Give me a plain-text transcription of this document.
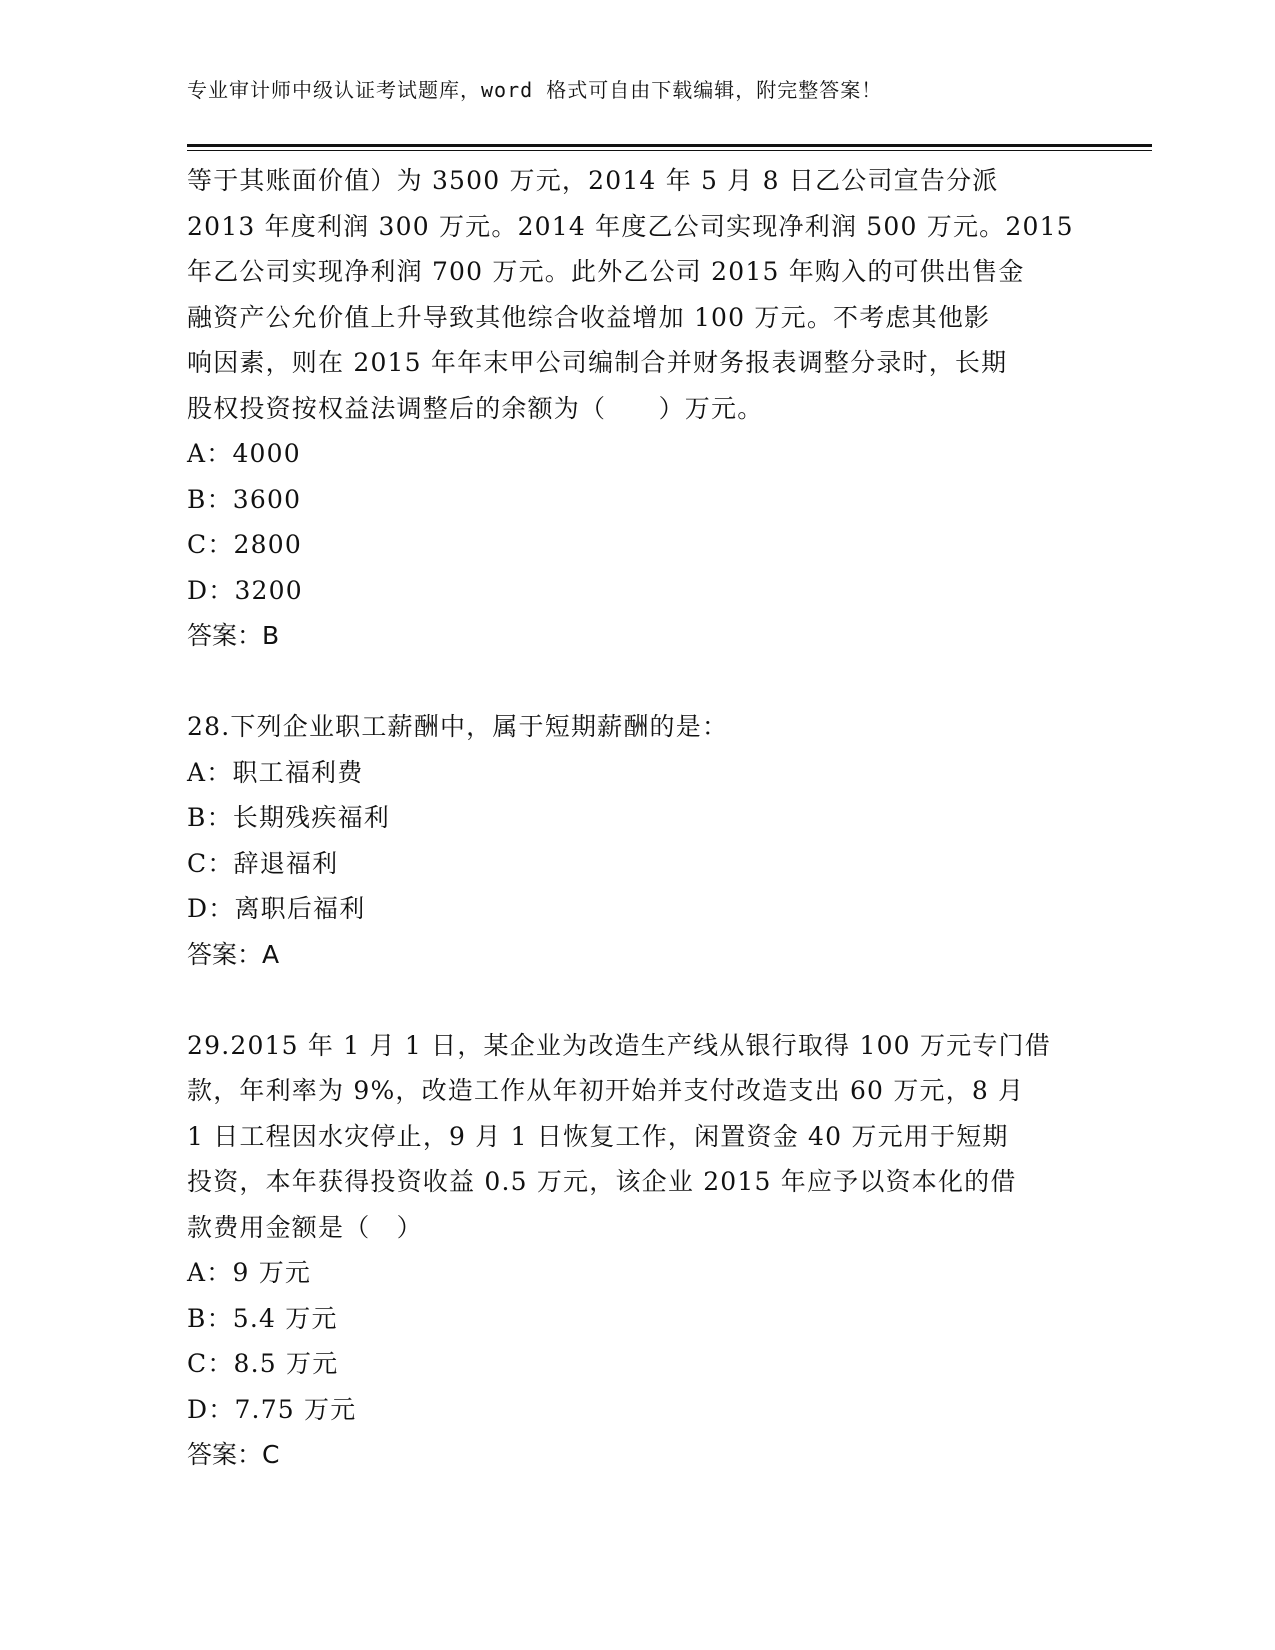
专业审计师中级认证考试题库，word 格式可自由下载编辑，附完整答案！
等于其账面价值）为 3500 万元，2014 年 5 月 8 日乙公司宣告分派
2013 年度利润 300 万元。2014 年度乙公司实现净利润 500 万元。2015
年乙公司实现净利润 700 万元。此外乙公司 2015 年购入的可供出售金
融资产公允价值上升导致其他综合收益增加 100 万元。不考虑其他影
响因素，则在 2015 年年末甲公司编制合并财务报表调整分录时，长期
股权投资按权益法调整后的余额为（　　）万元。
A：4000
B：3600
C：2800
D：3200
答案：B
28.下列企业职工薪酬中，属于短期薪酬的是：
A：职工福利费
B：长期残疾福利
C：辞退福利
D：离职后福利
答案：A
29.2015 年 1 月 1 日，某企业为改造生产线从银行取得 100 万元专门借
款，年利率为 9%，改造工作从年初开始并支付改造支出 60 万元，8 月
1 日工程因水灾停止，9 月 1 日恢复工作，闲置资金 40 万元用于短期
投资，本年获得投资收益 0.5 万元，该企业 2015 年应予以资本化的借
款费用金额是（　）
A：9 万元
B：5.4 万元
C：8.5 万元
D：7.75 万元
答案：C
